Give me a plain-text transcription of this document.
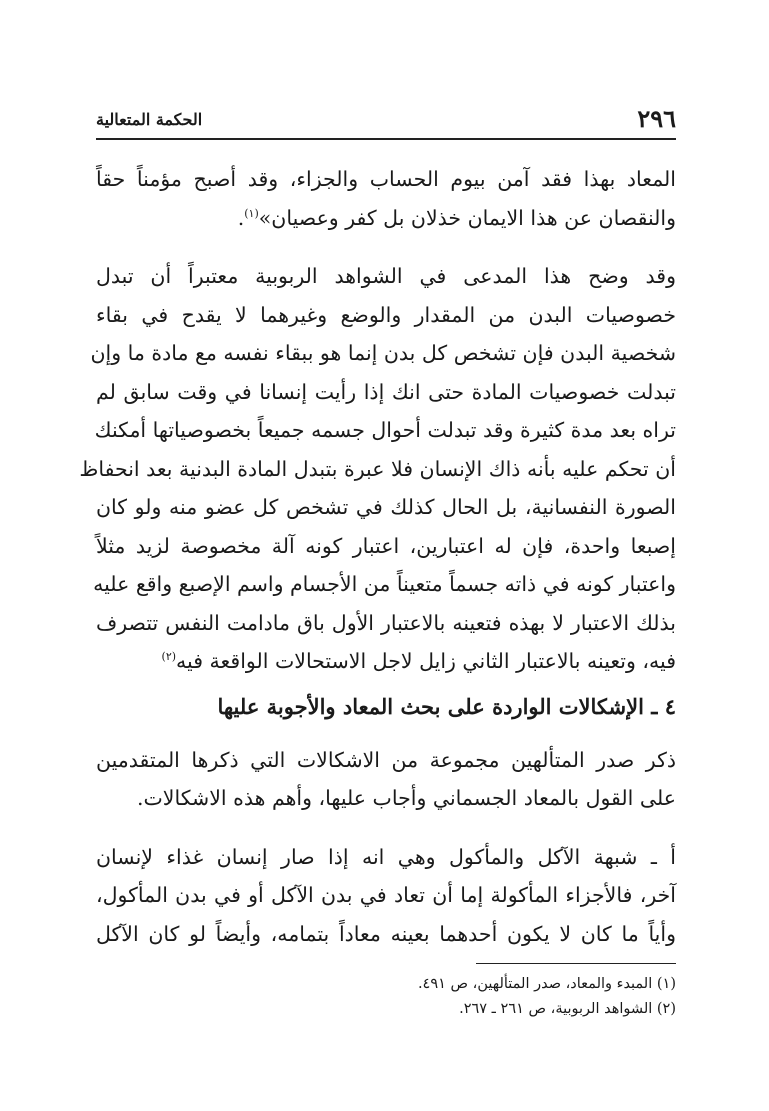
٢٩٦
الحكمة المتعالية
المعاد بهذا فقد آمن بيوم الحساب والجزاء، وقد أصبح مؤمناً حقاً
والنقصان عن هذا الايمان خذلان بل كفر وعصيان»$^{(١)}$.
وقد وضح هذا المدعى في الشواهد الربوبية معتبراً أن تبدل
خصوصيات البدن من المقدار والوضع وغيرهما لا يقدح في بقاء
شخصية البدن فإن تشخص كل بدن إنما هو ببقاء نفسه مع مادة ما وإن
تبدلت خصوصيات المادة حتى انك إذا رأيت إنسانا في وقت سابق لم
تراه بعد مدة كثيرة وقد تبدلت أحوال جسمه جميعاً بخصوصياتها أمكنك
أن تحكم عليه بأنه ذاك الإنسان فلا عبرة بتبدل المادة البدنية بعد انحفاظ
الصورة النفسانية، بل الحال كذلك في تشخص كل عضو منه ولو كان
إصبعا واحدة، فإن له اعتبارين، اعتبار كونه آلة مخصوصة لزيد مثلاً
واعتبار كونه في ذاته جسماً متعيناً من الأجسام واسم الإصبع واقع عليه
بذلك الاعتبار لا بهذه فتعينه بالاعتبار الأول باق مادامت النفس تتصرف
فيه، وتعينه بالاعتبار الثاني زايل لاجل الاستحالات الواقعة فيه$^{(٢)}$
٤ ـ الإشكالات الواردة على بحث المعاد والأجوبة عليها
ذكر صدر المتألهين مجموعة من الاشكالات التي ذكرها المتقدمين
على القول بالمعاد الجسماني وأجاب عليها، وأهم هذه الاشكالات.
أ ـ شبهة الآكل والمأكول وهي انه إذا صار إنسان غذاء لإنسان
آخر، فالأجزاء المأكولة إما أن تعاد في بدن الآكل أو في بدن المأكول،
وأياً ما كان لا يكون أحدهما بعينه معاداً بتمامه، وأيضاً لو كان الآكل
(١) المبدء والمعاد، صدر المتألهين، ص ٤٩١.
(٢) الشواهد الربوبية، ص ٢٦١ ـ ٢٦٧.
